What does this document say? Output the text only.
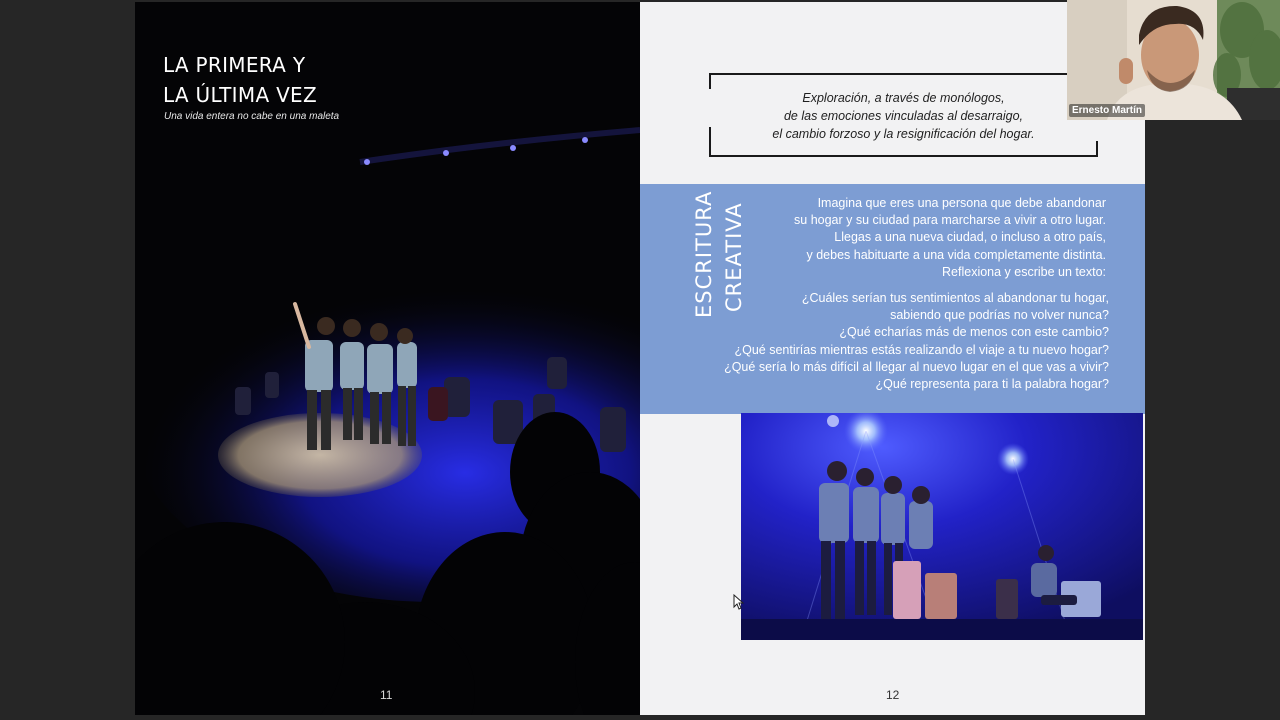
LA PRIMERA Y
LA ÚLTIMA VEZ
Una vida entera no cabe en una maleta
11
Exploración, a través de monólogos,
de las emociones vinculadas al desarraigo,
el cambio forzoso y la resignificación del hogar.
ESCRITURA CREATIVA	Imagina que eres una persona que debe abandonar
su hogar y su ciudad para marcharse a vivir a otro lugar.
Llegas a una nueva ciudad, o incluso a otro país,
y debes habituarte a una vida completamente distinta.
Reflexiona y escribe un texto:
¿Cuáles serían tus sentimientos al abandonar tu hogar,
sabiendo que podrías no volver nunca?
¿Qué echarías más de menos con este cambio?
¿Qué sentirías mientras estás realizando el viaje a tu nuevo hogar?
¿Qué sería lo más difícil al llegar al nuevo lugar en el que vas a vivir?
¿Qué representa para ti la palabra hogar?
12
Ernesto Martín
